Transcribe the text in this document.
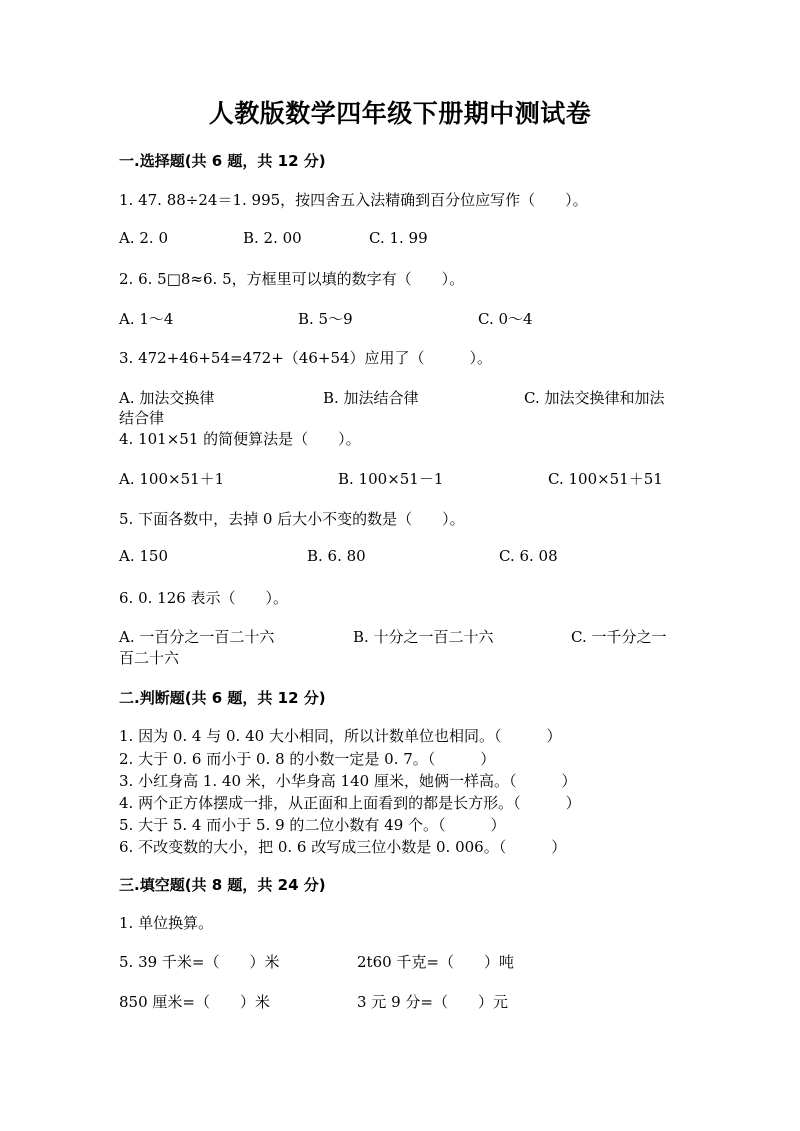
人教版数学四年级下册期中测试卷
一.选择题(共 6 题，共 12 分)
1. 47. 88÷24＝1. 995，按四舍五入法精确到百分位应写作（　　）。
A. 2. 0	B. 2. 00	C. 1. 99
2. 6. 5□8≈6. 5，方框里可以填的数字有（　　）。
A. 1～4	B. 5～9	C. 0～4
3. 472+46+54=472+（46+54）应用了（　　　）。
A. 加法交换律	B. 加法结合律	C. 加法交换律和加法
结合律
4. 101×51 的简便算法是（　　）。
A. 100×51＋1	B. 100×51－1	C. 100×51＋51
5. 下面各数中，去掉 0 后大小不变的数是（　　）。
A. 150	B. 6. 80	C. 6. 08
6. 0. 126 表示（　　）。
A. 一百分之一百二十六	B. 十分之一百二十六	C. 一千分之一
百二十六
二.判断题(共 6 题，共 12 分)
1. 因为 0. 4 与 0. 40 大小相同，所以计数单位也相同。（　　　）
2. 大于 0. 6 而小于 0. 8 的小数一定是 0. 7。（　　　）
3. 小红身高 1. 40 米，小华身高 140 厘米，她俩一样高。（　　　）
4. 两个正方体摆成一排，从正面和上面看到的都是长方形。（　　　）
5. 大于 5. 4 而小于 5. 9 的二位小数有 49 个。（　　　）
6. 不改变数的大小，把 0. 6 改写成三位小数是 0. 006。（　　　）
三.填空题(共 8 题，共 24 分)
1. 单位换算。
5. 39 千米=（　　）米	2t60 千克=（　　）吨
850 厘米=（　　）米	3 元 9 分=（　　）元
